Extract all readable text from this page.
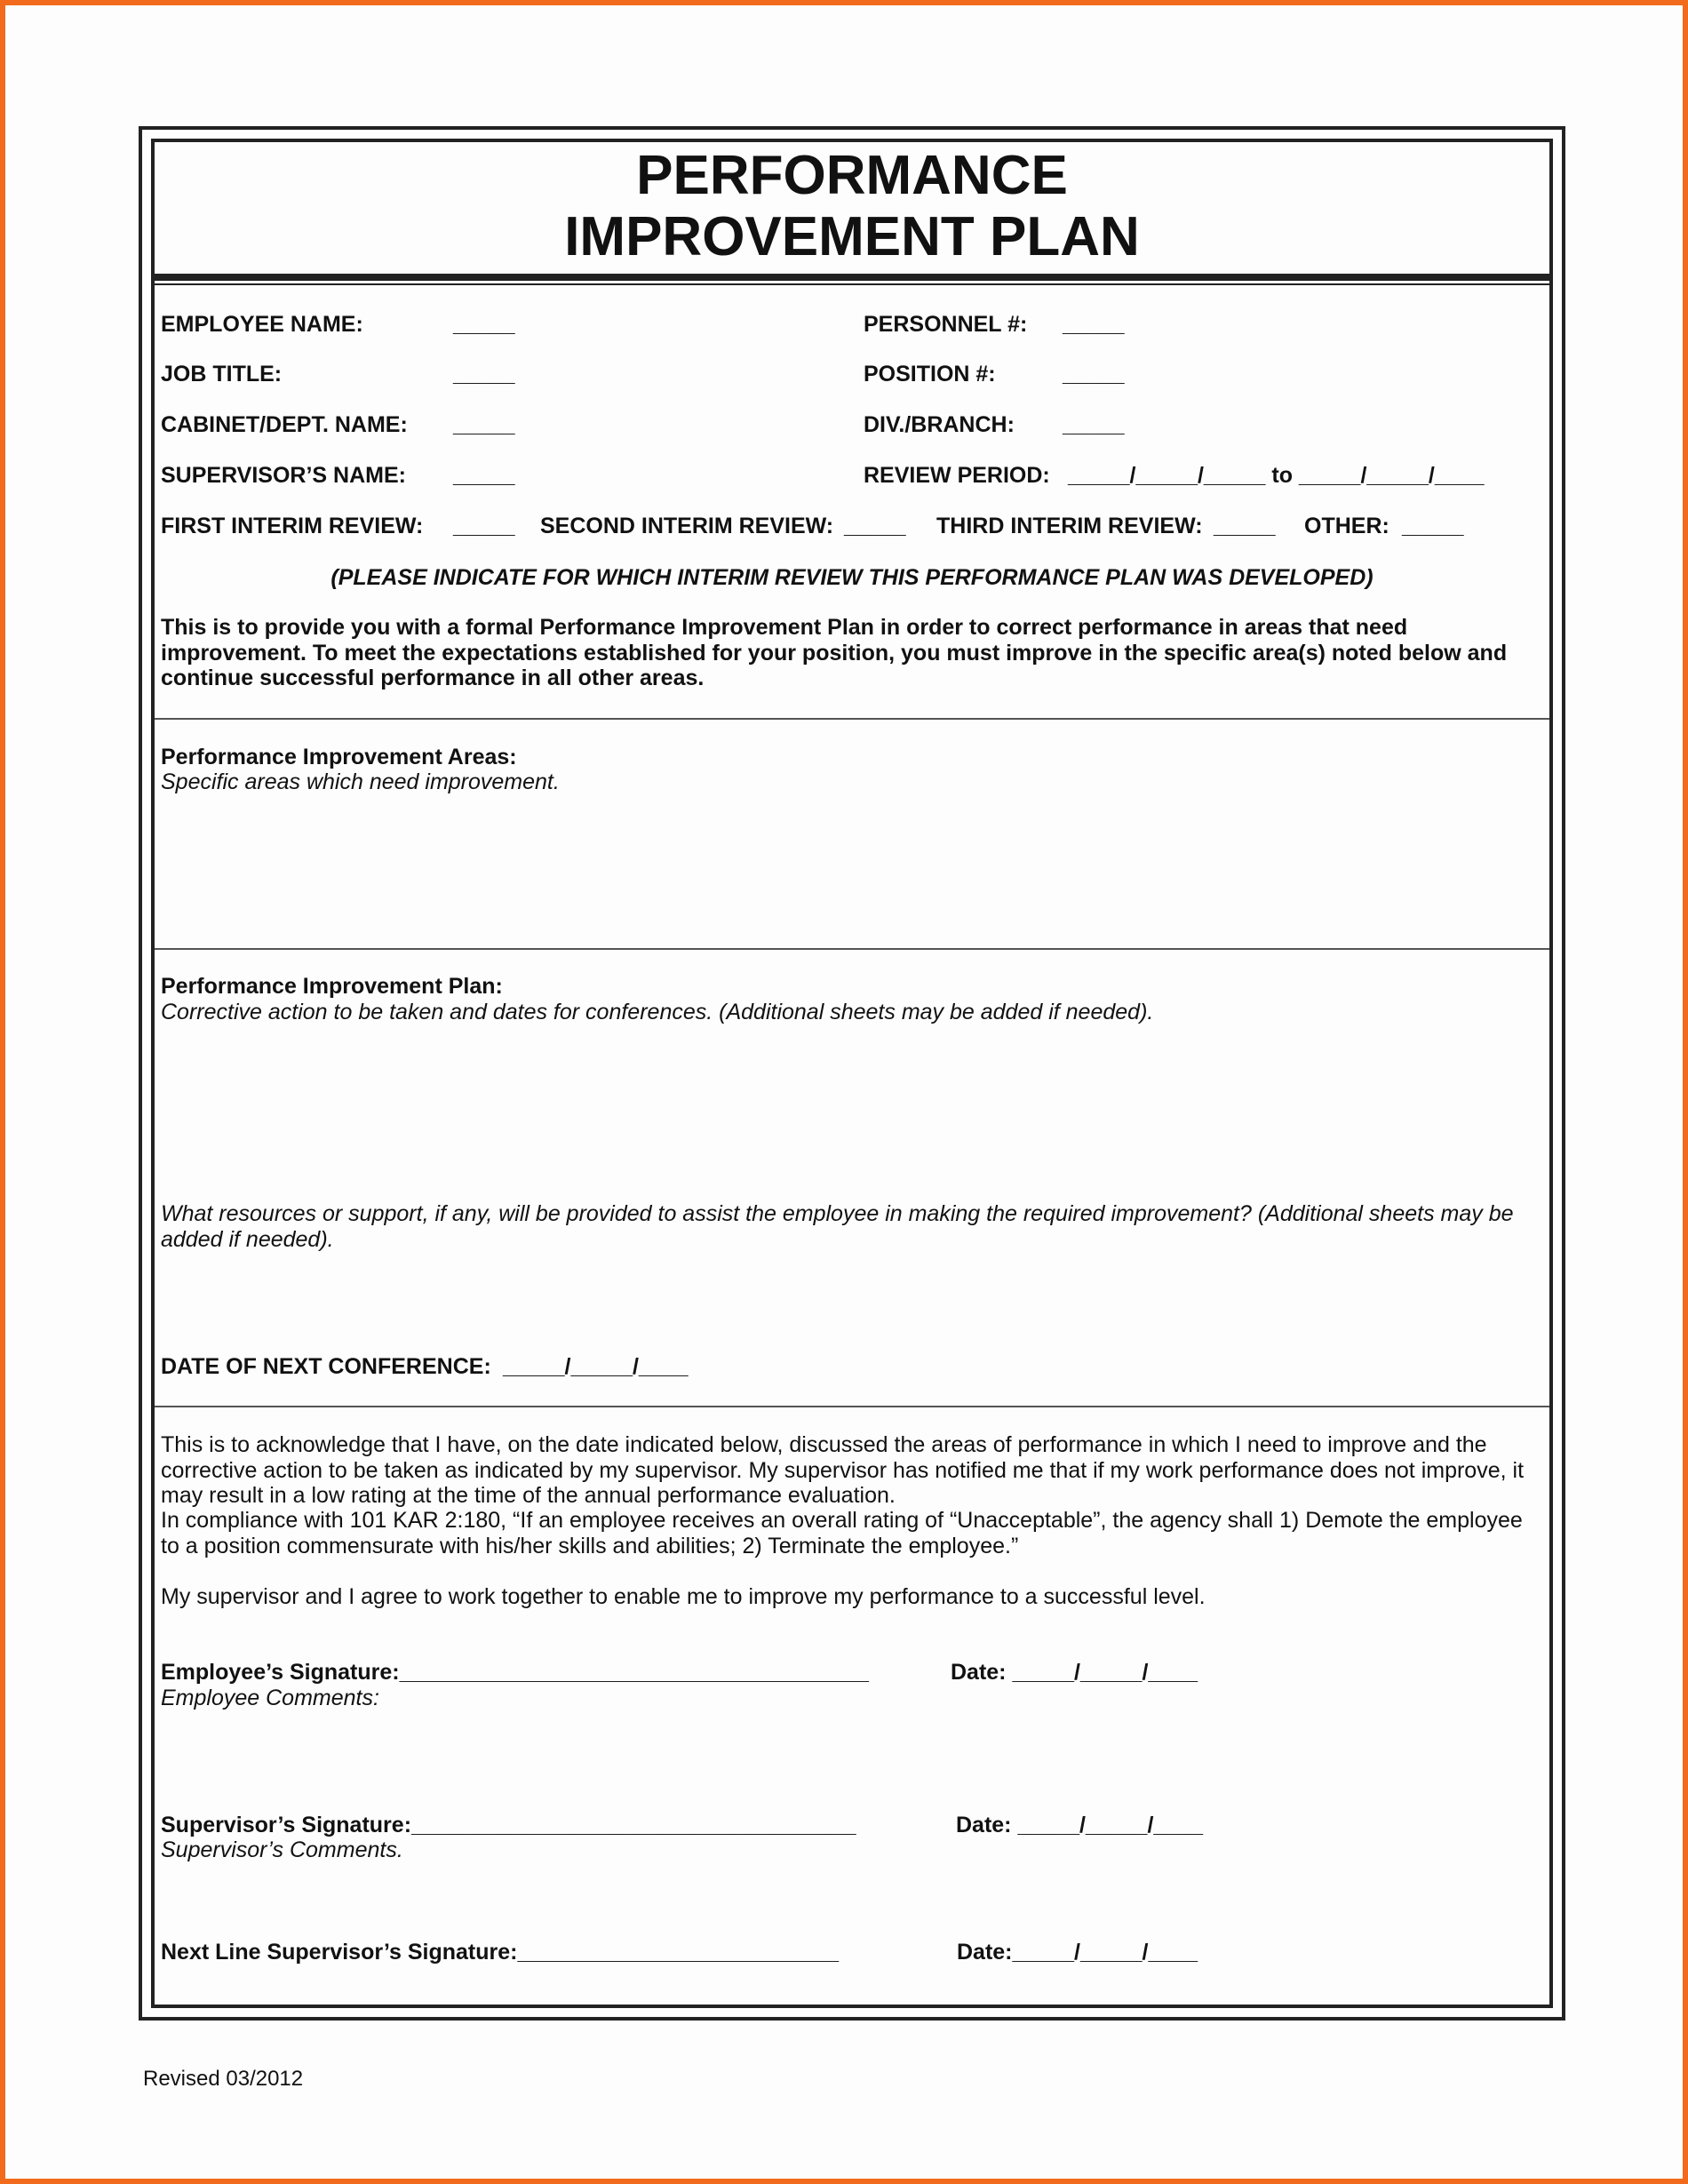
PERFORMANCE
IMPROVEMENT PLAN
EMPLOYEE NAME:	_____	PERSONNEL #: _____
JOB TITLE:	_____	POSITION #:	_____
CABINET/DEPT. NAME: _____	DIV./BRANCH: _____
SUPERVISOR’S NAME: _____	REVIEW PERIOD: _____/_____/_____ to _____/_____/____
FIRST INTERIM REVIEW: _____ SECOND INTERIM REVIEW: _____ THIRD INTERIM REVIEW: _____ OTHER: _____
(PLEASE INDICATE FOR WHICH INTERIM REVIEW THIS PERFORMANCE PLAN WAS DEVELOPED)
This is to provide you with a formal Performance Improvement Plan in order to correct performance in areas that need improvement. To meet the expectations established for your position, you must improve in the specific area(s) noted below and continue successful performance in all other areas.
Performance Improvement Areas:
Specific areas which need improvement.
Performance Improvement Plan:
Corrective action to be taken and dates for conferences. (Additional sheets may be added if needed).
What resources or support, if any, will be provided to assist the employee in making the required improvement? (Additional sheets may be added if needed).
DATE OF NEXT CONFERENCE: _____/_____/____
This is to acknowledge that I have, on the date indicated below, discussed the areas of performance in which I need to improve and the corrective action to be taken as indicated by my supervisor. My supervisor has notified me that if my work performance does not improve, it may result in a low rating at the time of the annual performance evaluation.
In compliance with 101 KAR 2:180, “If an employee receives an overall rating of “Unacceptable”, the agency shall 1) Demote the employee to a position commensurate with his/her skills and abilities; 2) Terminate the employee.”
My supervisor and I agree to work together to enable me to improve my performance to a successful level.
Employee’s Signature:______________________________________	Date: _____/_____/____
Employee Comments:
Supervisor’s Signature:____________________________________	Date: _____/_____/____
Supervisor’s Comments.
Next Line Supervisor’s Signature:__________________________	Date:_____/_____/____
Revised 03/2012
